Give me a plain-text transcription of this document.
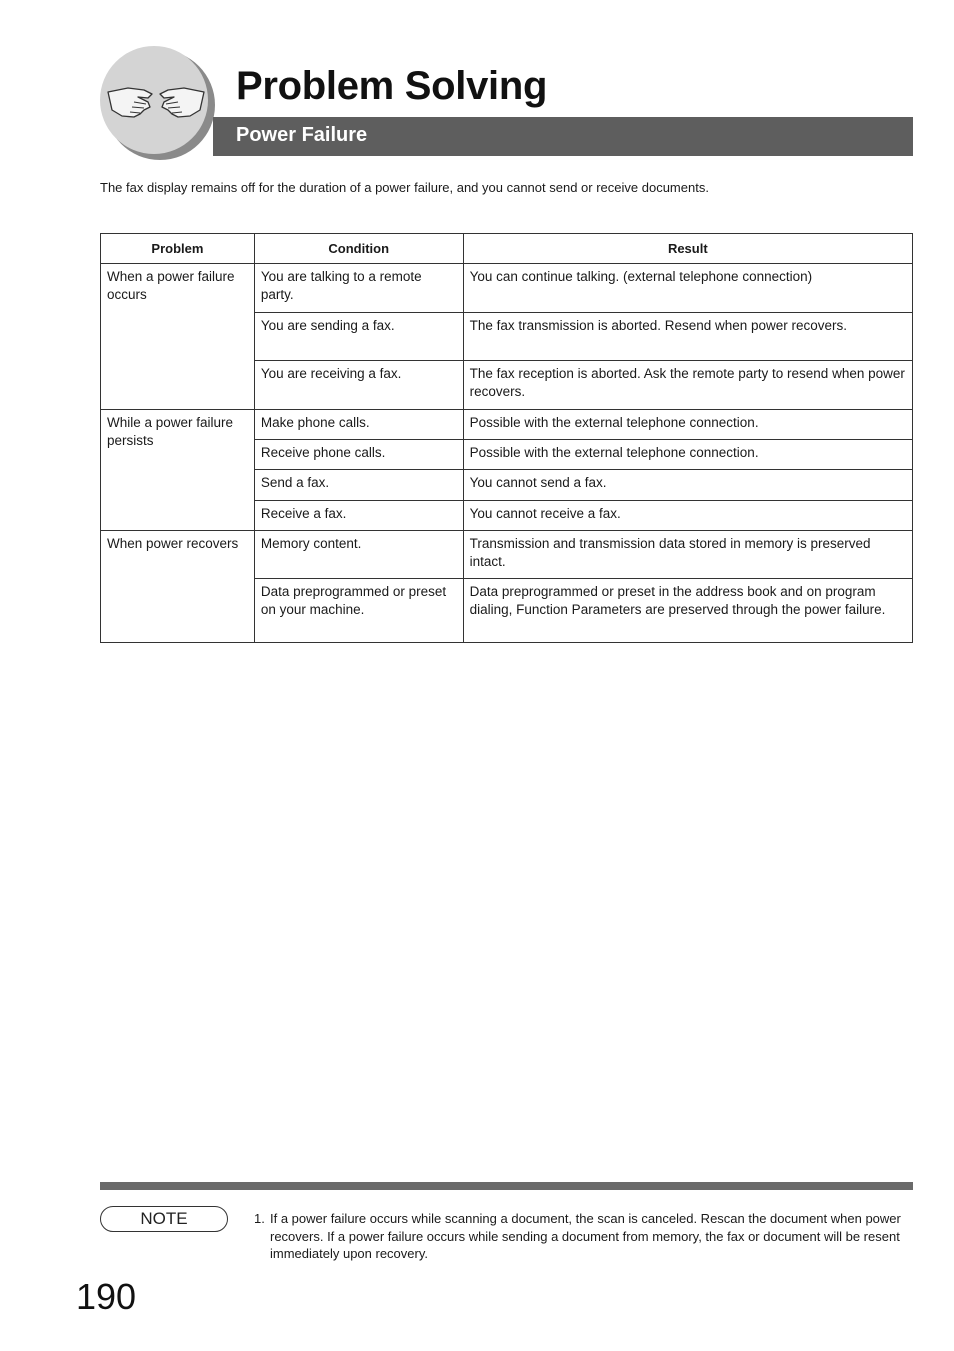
Problem Solving
Power Failure
The fax display remains off for the duration of a power failure, and you cannot send or receive documents.
Problem	Condition	Result
When a power failure occurs	You are talking to a remote party.	You can continue talking. (external telephone connection)
	You are sending a fax.	The fax transmission is aborted. Resend when power recovers.
	You are receiving a fax.	The fax reception is aborted. Ask the remote party to resend when power recovers.
While a power failure persists	Make phone calls.	Possible with the external telephone connection.
	Receive phone calls.	Possible with the external telephone connection.
	Send a fax.	You cannot send a fax.
	Receive a fax.	You cannot receive a fax.
When power recovers	Memory content.	Transmission and transmission data stored in memory is preserved intact.
	Data preprogrammed or preset on your machine.	Data preprogrammed or preset in the address book and on program dialing, Function Parameters are preserved through the power failure.
NOTE	1. If a power failure occurs while scanning a document, the scan is canceled. Rescan the document when power recovers. If a power failure occurs while sending a document from memory, the fax or document will be resent immediately upon recovery.
190
